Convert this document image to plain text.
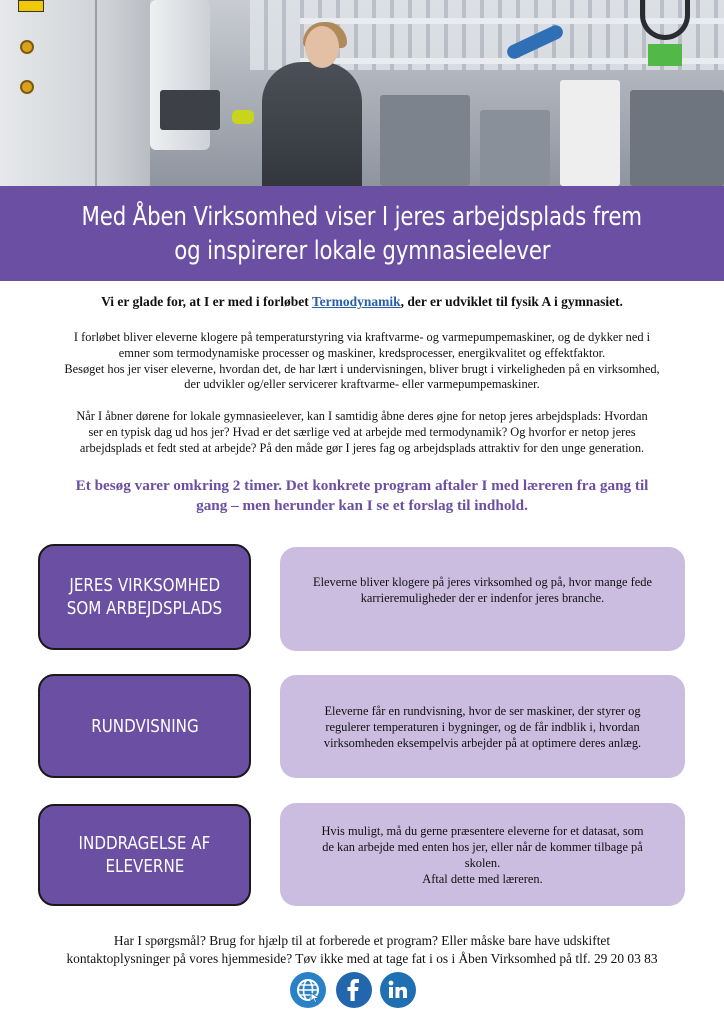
Med Åben Virksomhed viser I jeres arbejdsplads frem
og inspirerer lokale gymnasieelever
Vi er glade for, at I er med i forløbet Termodynamik, der er udviklet til fysik A i gymnasiet.

I forløbet bliver eleverne klogere på temperaturstyring via kraftvarme- og varmepumpemaskiner, og de dykker ned i

emner som termodynamiske processer og maskiner, kredsprocesser, energikvalitet og effektfaktor.

Besøget hos jer viser eleverne, hvordan det, de har lært i undervisningen, bliver brugt i virkeligheden på en virksomhed,

der udvikler og/eller servicerer kraftvarme- eller varmepumpemaskiner.

Når I åbner dørene for lokale gymnasieelever, kan I samtidig åbne deres øjne for netop jeres arbejdsplads: Hvordan

ser en typisk dag ud hos jer? Hvad er det særlige ved at arbejde med termodynamik? Og hvorfor er netop jeres

arbejdsplads et fedt sted at arbejde? På den måde gør I jeres fag og arbejdsplads attraktiv for den unge generation.

Et besøg varer omkring 2 timer. Det konkrete program aftaler I med læreren fra gang til
gang – men herunder kan I se et forslag til indhold.
JERES VIRKSOMHED
SOM ARBEJDSPLADS

Eleverne bliver klogere på jeres virksomhed og på, hvor mange fede

karrieremuligheder der er indenfor jeres branche.

RUNDVISNING

Eleverne får en rundvisning, hvor de ser maskiner, der styrer og

regulerer temperaturen i bygninger, og de får indblik i, hvordan

virksomheden eksempelvis arbejder på at optimere deres anlæg.

INDDRAGELSE AF
ELEVERNE

Hvis muligt, må du gerne præsentere eleverne for et datasat, som

de kan arbejde med enten hos jer, eller når de kommer tilbage på

skolen.

Aftal dette med læreren.

Har I spørgsmål? Brug for hjælp til at forberede et program? Eller måske bare have udskiftet
kontaktoplysninger på vores hjemmeside? Tøv ikke med at tage fat i os i Åben Virksomhed på tlf. 29 20 03 83
